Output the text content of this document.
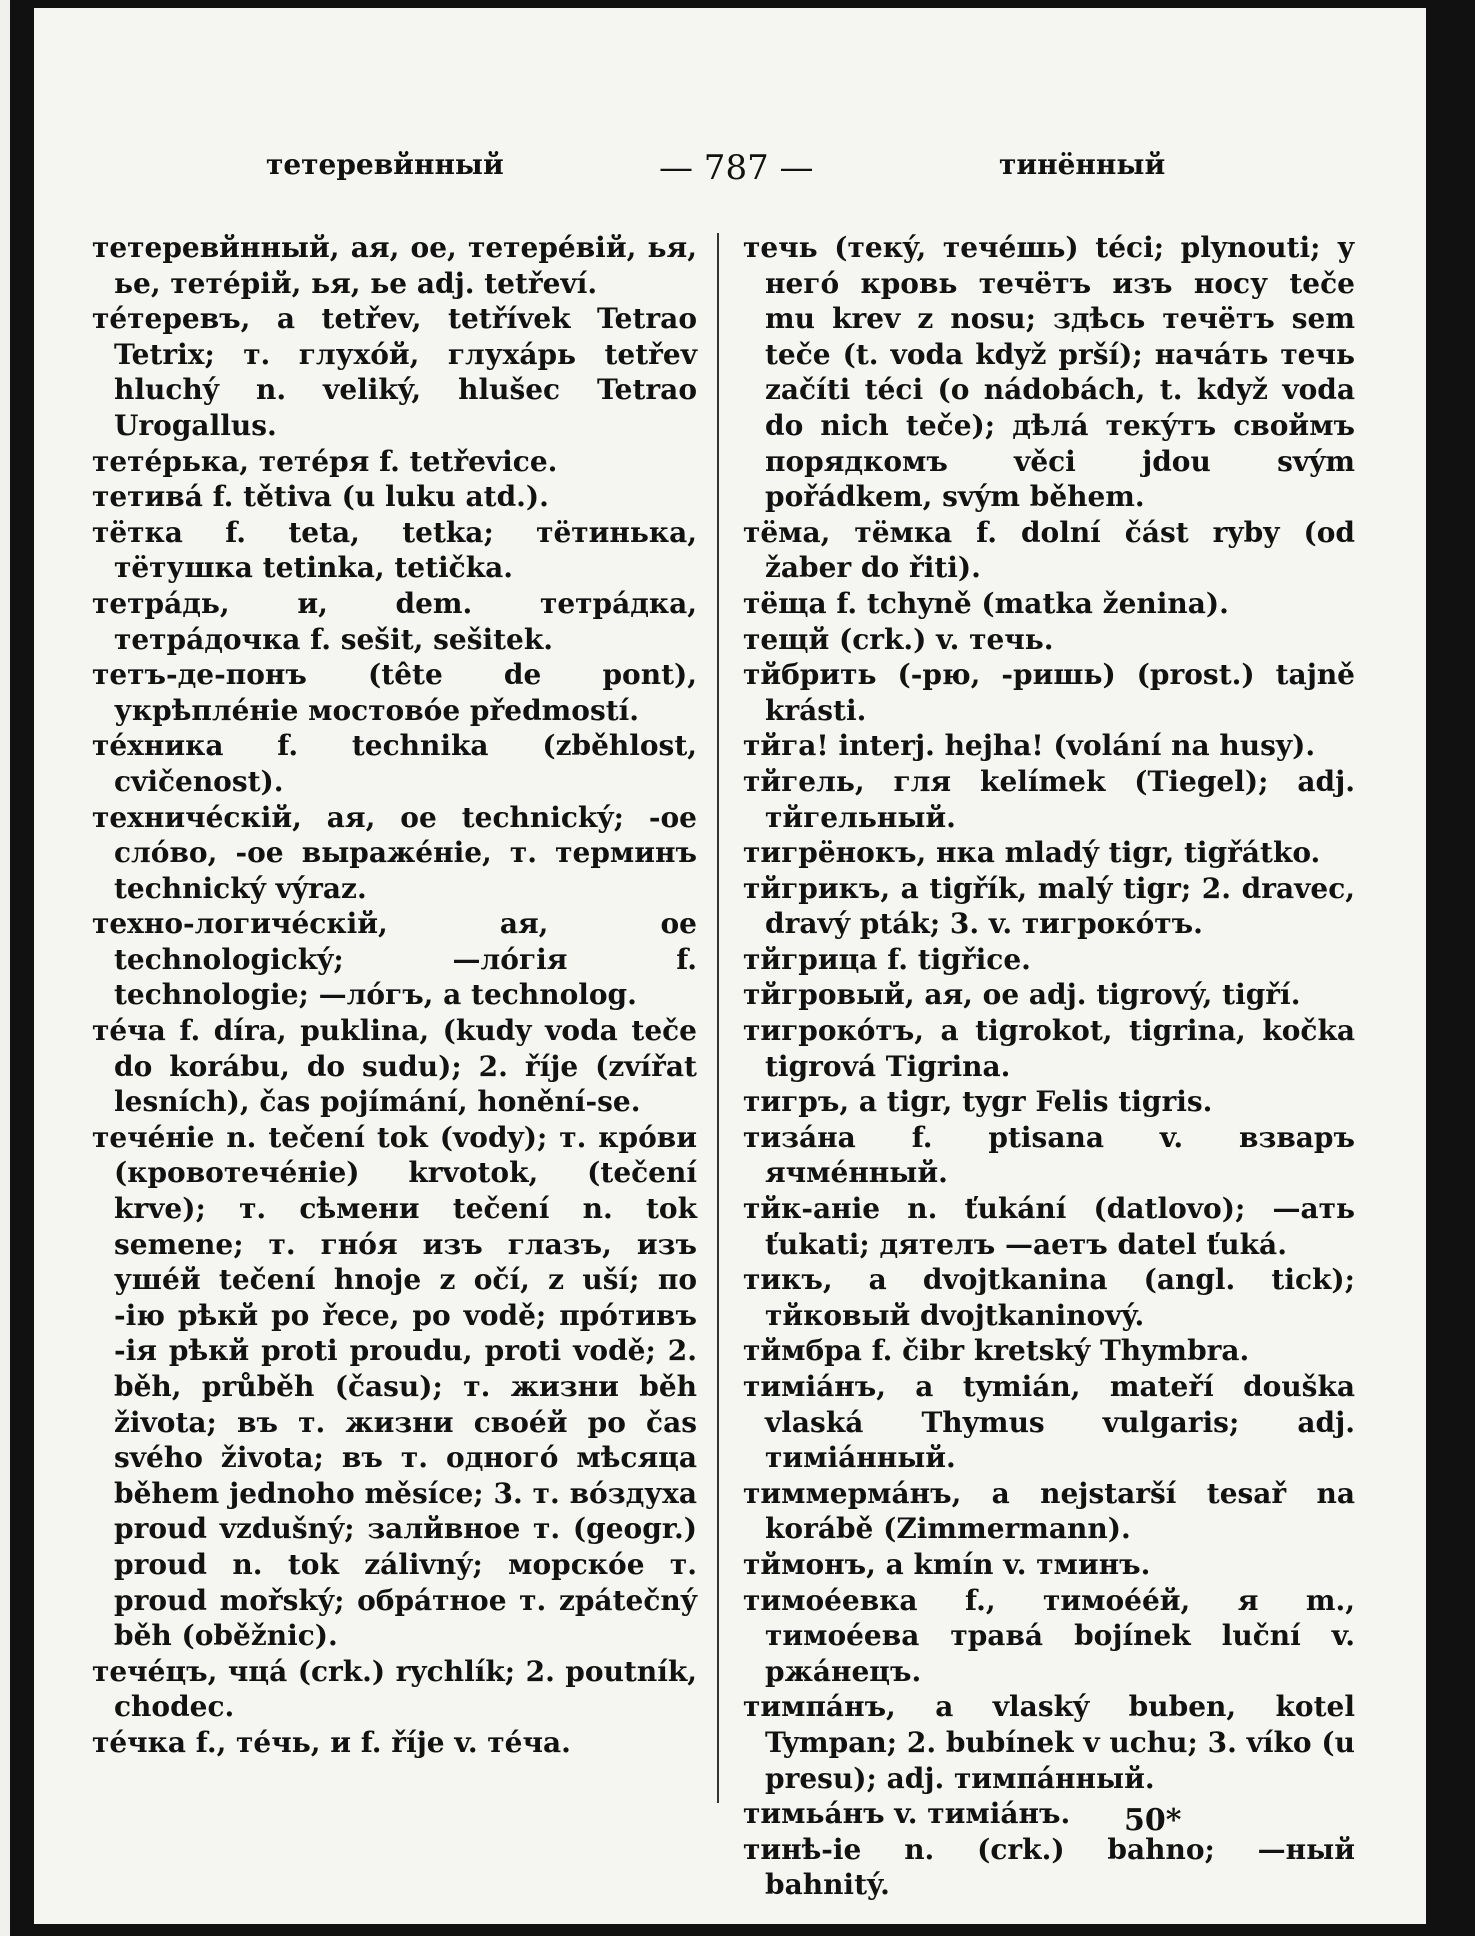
тетеревйнный	— 787 —	тинённый

тетеревйнный, ая, ое, тетерéвій, ья, ье, тетéрій, ья, ье adj. tetřeví.

тéтеревъ, a tetřev, tetřívek Tetrao Tetrix; т. глухóй, глухáрь tetřev hluchý n. veliký, hlušec Tetrao Urogallus.

тетéрька, тетéря f. tetřevice.

тетивá f. tětiva (u luku atd.).

тётка f. teta, tetka; тётинька, тётушка tetinka, tetička.

тетрáдь, и, dem. тетрáдка, тетрáдочка f. sešit, sešitek.

тетъ-де-понъ (tête de pont), укрѣплéніе мостовóе předmostí.

тéхника f. technika (zběhlost, cvičenost).

техничéскій, ая, ое technický; -ое слóво, -ое выражéніе, т. терминъ technický výraz.

техно-логичéскій, ая, ое technologický; —лóгія f. technologie; —лóгъ, a technolog.

тéча f. díra, puklina, (kudy voda teče do korábu, do sudu); 2. říje (zvířat lesních), čas pojímání, honění-se.

течéніе n. tečení tok (vody); т. крóви (кровотечéніе) krvotok, (tečení krve); т. сѣмени tečení n. tok semene; т. гнóя изъ глазъ, изъ ушéй tečení hnoje z očí, z uší; по -ію рѣкй po řece, po vodě; прóтивъ -ія рѣкй proti proudu, proti vodě; 2. běh, průběh (času); т. жизни běh života; въ т. жизни своéй po čas svého života; въ т. одногó мѣсяца během jednoho měsíce; 3. т. вóздуха proud vzdušný; залйвное т. (geogr.) proud n. tok zálivný; морскóе т. proud mořský; обрáтное т. zpátečný běh (oběžnic).

течéцъ, чцá (crk.) rychlík; 2. poutník, chodec.

тéчка f., тéчь, и f. říje v. тéча.

течь (текý, течéшь) téci; plynouti; у негó кровь течётъ изъ носу teče mu krev z nosu; здѣсь течётъ sem teče (t. voda když prší); начáть течь začíti téci (o nádobách, t. když voda do nich teče); дѣлá текýтъ своймъ порядкомъ věci jdou svým pořádkem, svým během.

тёма, тёмка f. dolní část ryby (od žaber do řiti).

тёща f. tchyně (matka ženina).

тещй (crk.) v. течь.

тйбрить (-рю, -ришь) (prost.) tajně krásti.

тйга! interj. hejha! (volání na husy).

тйгель, гля kelímek (Tiegel); adj. тйгельный.

тигрёнокъ, нка mladý tigr, tigřátko.

тйгрикъ, a tigřík, malý tigr; 2. dravec, dravý pták; 3. v. тигрокóтъ.

тйгрица f. tigřice.

тйгровый, ая, ое adj. tigrový, tigří.

тигрокóтъ, a tigrokot, tigrina, kočka tigrová Tigrina.

тигръ, a tigr, tygr Felis tigris.

тизáна f. ptisana v. взваръ ячмéнный.

тйк-аніе n. ťukání (datlovo); —ать ťukati; дятелъ —аетъ datel ťuká.

тикъ, a dvojtkanina (angl. tick); тйковый dvojtkaninový.

тймбра f. čibr kretský Thymbra.

тимiáнъ, a tymián, mateří douška vlaská Thymus vulgaris; adj. тимiáнный.

тиммермáнъ, a nejstarší tesař na korábě (Zimmermann).

тймонъ, a kmín v. тминъ.

тимоéевка f., тимоééй, я m., тимоéева травá bojínek luční v. ржáнецъ.

тимпáнъ, a vlaský buben, kotel Tympan; 2. bubínek v uchu; 3. víko (u presu); adj. тимпáнный.

тимьáнъ v. тимiáнъ.

тинѣ-іе n. (crk.) bahno; —ный bahnitý.

50*
